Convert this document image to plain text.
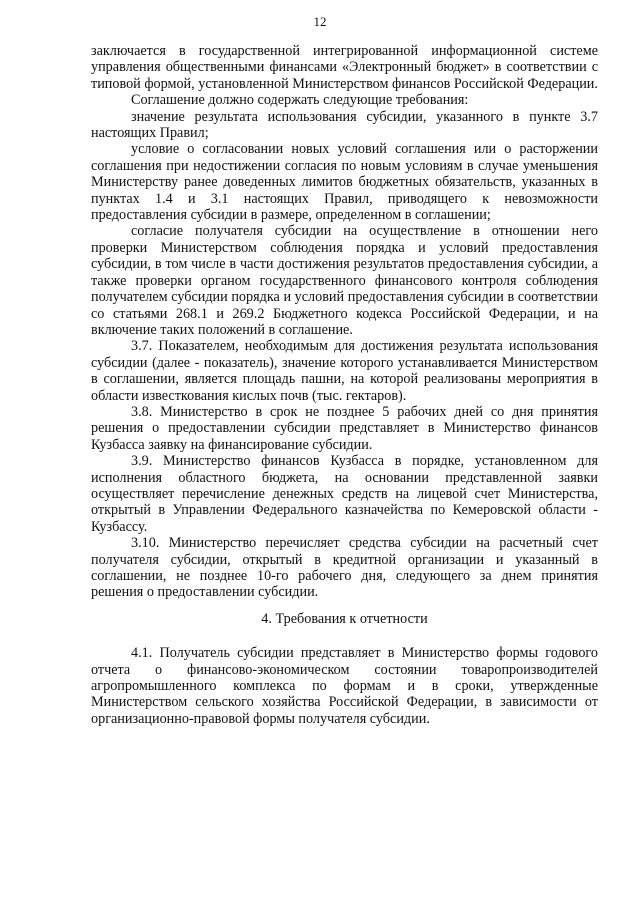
12

заключается в государственной интегрированной информационной системе управления общественными финансами «Электронный бюджет» в соответствии с типовой формой, установленной Министерством финансов Российской Федерации.

Соглашение должно содержать следующие требования:

значение результата использования субсидии, указанного в пункте 3.7 настоящих Правил;

условие о согласовании новых условий соглашения или о расторжении соглашения при недостижении согласия по новым условиям в случае уменьшения Министерству ранее доведенных лимитов бюджетных обязательств, указанных в пунктах 1.4 и 3.1 настоящих Правил, приводящего к невозможности предоставления субсидии в размере, определенном в соглашении;

согласие получателя субсидии на осуществление в отношении него проверки Министерством соблюдения порядка и условий предоставления субсидии, в том числе в части достижения результатов предоставления субсидии, а также проверки органом государственного финансового контроля соблюдения получателем субсидии порядка и условий предоставления субсидии в соответствии со статьями 268.1 и 269.2 Бюджетного кодекса Российской Федерации, и на включение таких положений в соглашение.

3.7. Показателем, необходимым для достижения результата использования субсидии (далее - показатель), значение которого устанавливается Министерством в соглашении, является площадь пашни, на которой реализованы мероприятия в области известкования кислых почв (тыс. гектаров).

3.8. Министерство в срок не позднее 5 рабочих дней со дня принятия решения о предоставлении субсидии представляет в Министерство финансов Кузбасса заявку на финансирование субсидии.

3.9. Министерство финансов Кузбасса в порядке, установленном для исполнения областного бюджета, на основании представленной заявки осуществляет перечисление денежных средств на лицевой счет Министерства, открытый в Управлении Федерального казначейства по Кемеровской области - Кузбассу.

3.10. Министерство перечисляет средства субсидии на расчетный счет получателя субсидии, открытый в кредитной организации и указанный в соглашении, не позднее 10-го рабочего дня, следующего за днем принятия решения о предоставлении субсидии.

4. Требования к отчетности

4.1. Получатель субсидии представляет в Министерство формы годового отчета о финансово-экономическом состоянии товаропроизводителей агропромышленного комплекса по формам и в сроки, утвержденные Министерством сельского хозяйства Российской Федерации, в зависимости от организационно-правовой формы получателя субсидии.
